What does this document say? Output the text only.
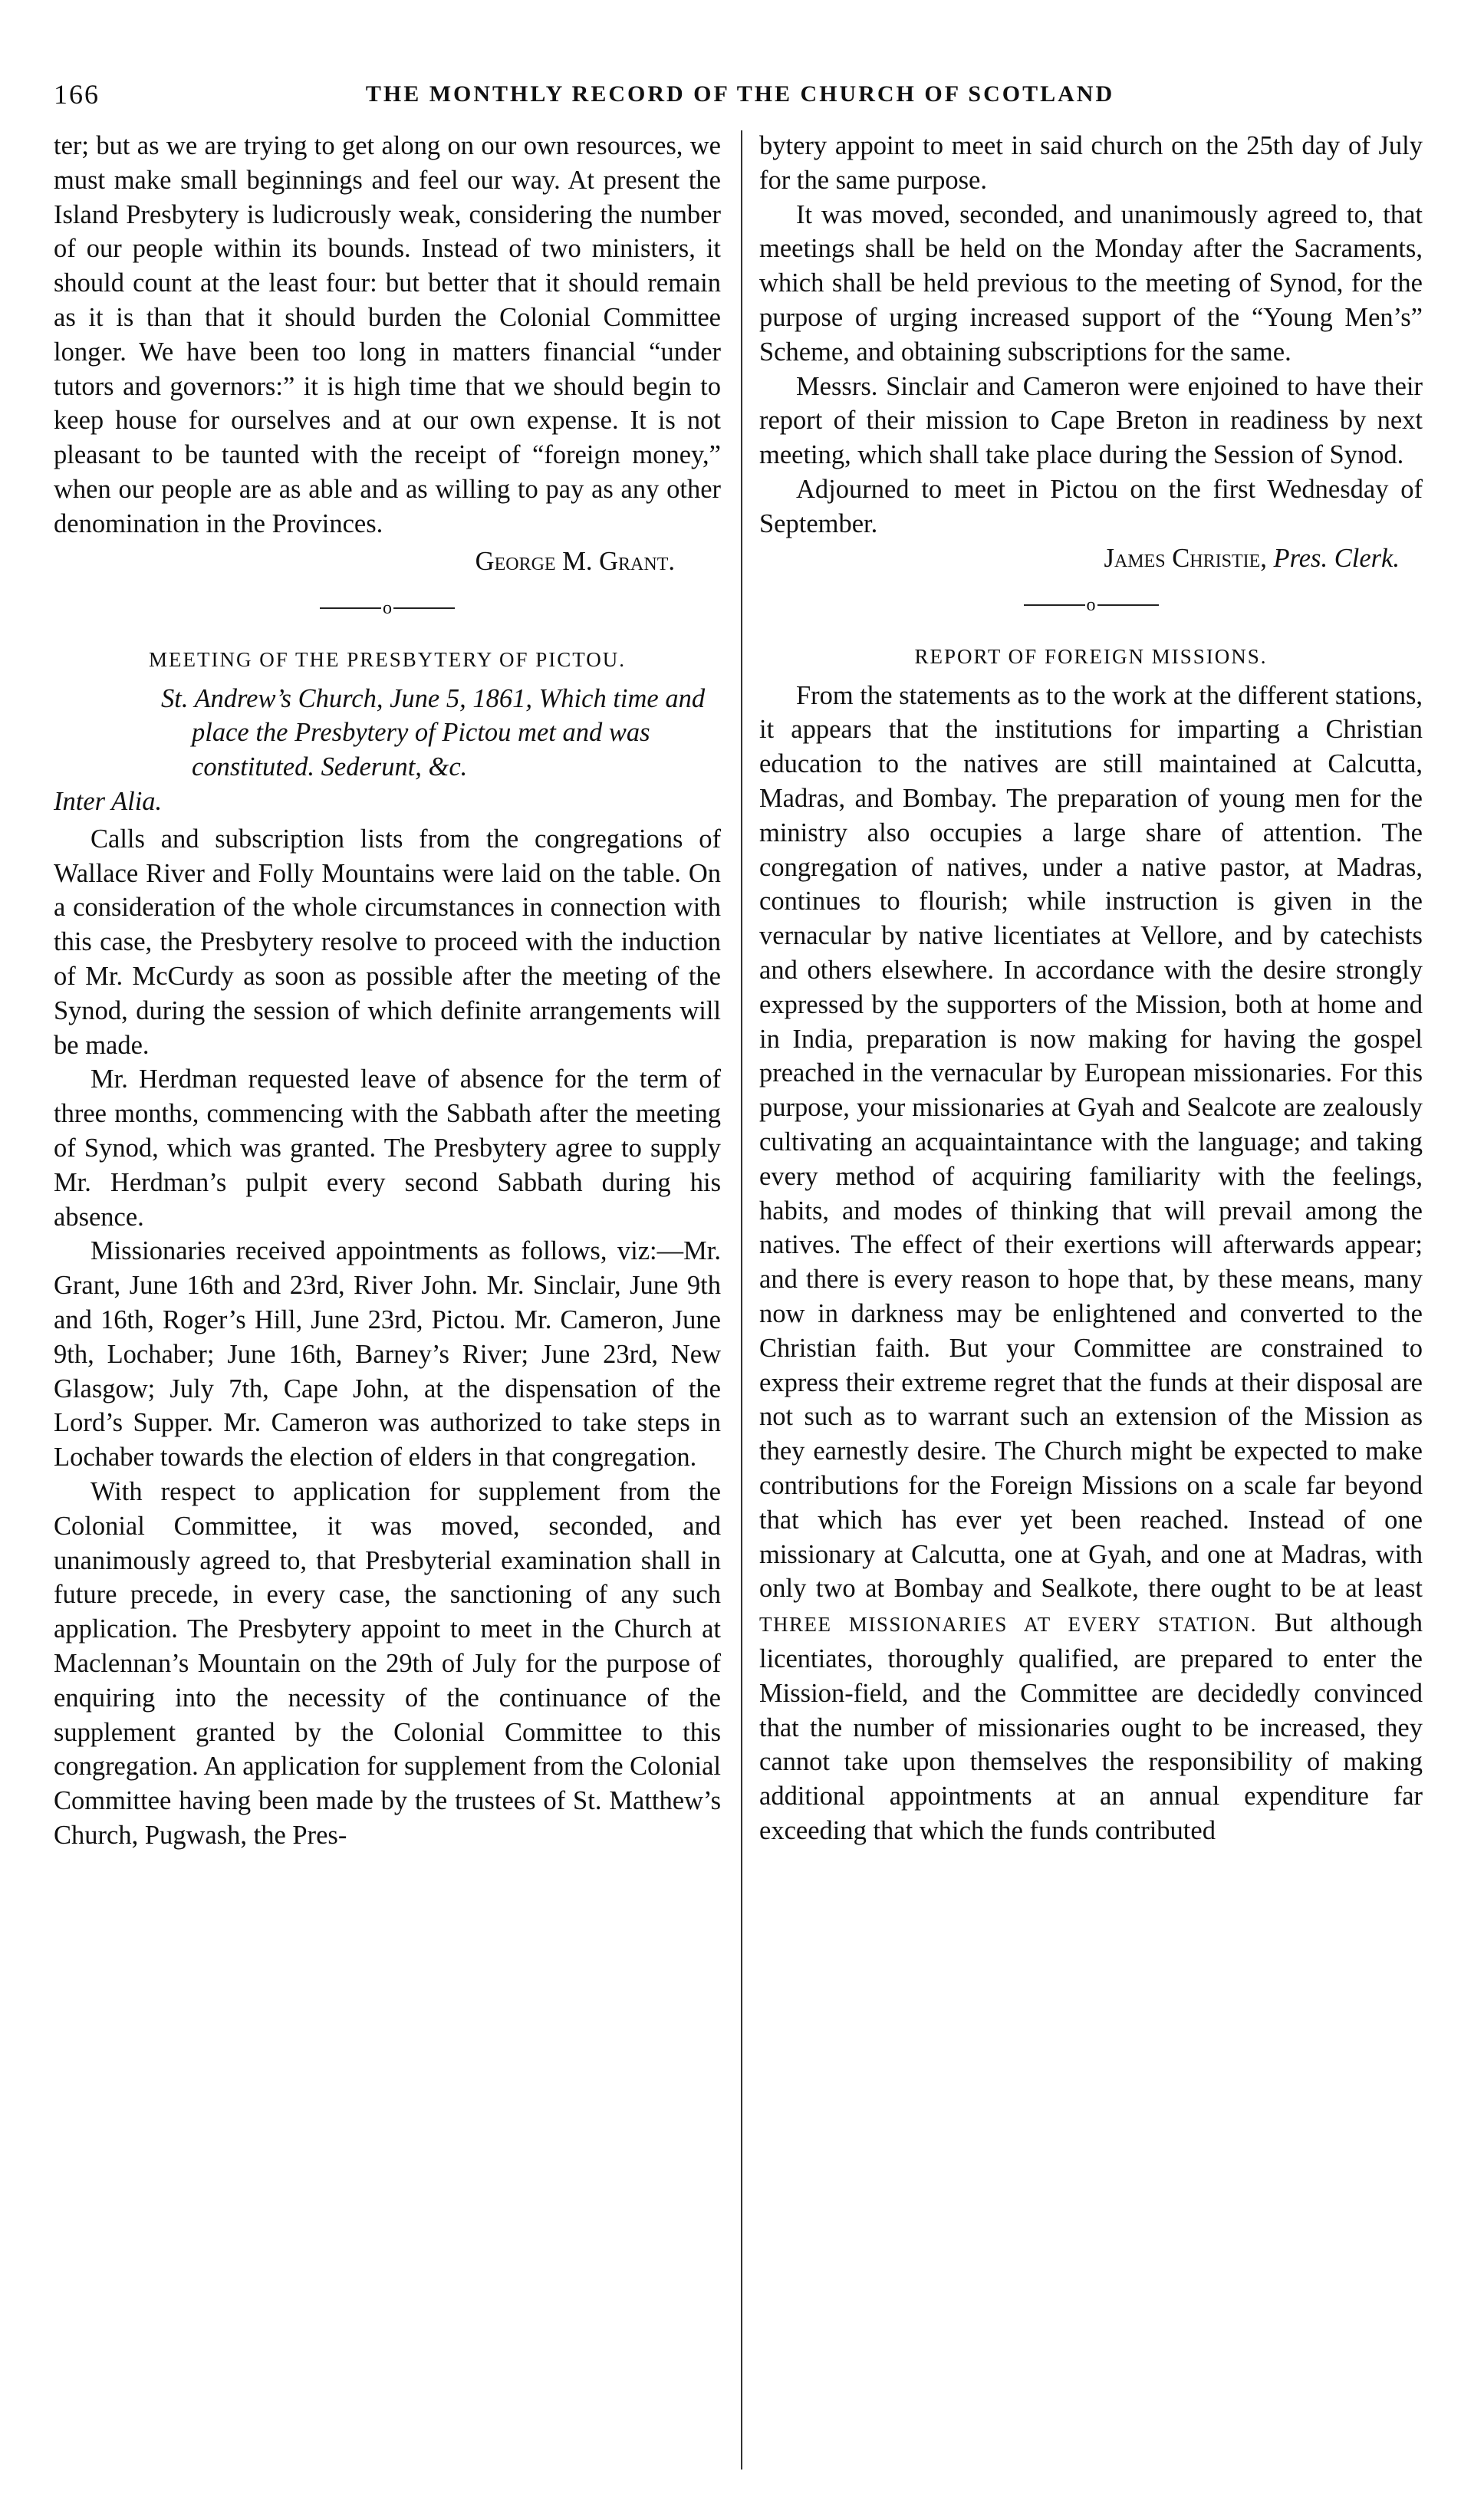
166	THE MONTHLY RECORD OF THE CHURCH OF SCOTLAND

ter; but as we are trying to get along on our own resources, we must make small beginnings and feel our way. At present the Island Presbytery is ludicrously weak, considering the number of our people within its bounds. Instead of two ministers, it should count at the least four: but better that it should remain as it is than that it should burden the Colonial Committee longer. We have been too long in matters financial “under tutors and governors:” it is high time that we should begin to keep house for ourselves and at our own expense. It is not pleasant to be taunted with the receipt of “foreign money,” when our people are as able and as willing to pay as any other denomination in the Provinces.

George M. Grant.
o
MEETING OF THE PRESBYTERY OF PICTOU.

St. Andrew’s Church, June 5, 1861, Which time and place the Presbytery of Pictou met and was constituted. Sederunt, &c.

Inter Alia.

Calls and subscription lists from the congregations of Wallace River and Folly Mountains were laid on the table. On a consideration of the whole circumstances in connection with this case, the Presbytery resolve to proceed with the induction of Mr. McCurdy as soon as possible after the meeting of the Synod, during the session of which definite arrangements will be made.

Mr. Herdman requested leave of absence for the term of three months, commencing with the Sabbath after the meeting of Synod, which was granted. The Presbytery agree to supply Mr. Herdman’s pulpit every second Sabbath during his absence.

Missionaries received appointments as follows, viz:—Mr. Grant, June 16th and 23rd, River John. Mr. Sinclair, June 9th and 16th, Roger’s Hill, June 23rd, Pictou. Mr. Cameron, June 9th, Lochaber; June 16th, Barney’s River; June 23rd, New Glasgow; July 7th, Cape John, at the dispensation of the Lord’s Supper. Mr. Cameron was authorized to take steps in Lochaber towards the election of elders in that congregation.

With respect to application for supplement from the Colonial Committee, it was moved, seconded, and unanimously agreed to, that Presbyterial examination shall in future precede, in every case, the sanctioning of any such application. The Presbytery appoint to meet in the Church at Maclennan’s Mountain on the 29th of July for the purpose of enquiring into the necessity of the continuance of the supplement granted by the Colonial Committee to this congregation. An application for supplement from the Colonial Committee having been made by the trustees of St. Matthew’s Church, Pugwash, the Pres-

bytery appoint to meet in said church on the 25th day of July for the same purpose.

It was moved, seconded, and unanimously agreed to, that meetings shall be held on the Monday after the Sacraments, which shall be held previous to the meeting of Synod, for the purpose of urging increased support of the “Young Men’s” Scheme, and obtaining subscriptions for the same.

Messrs. Sinclair and Cameron were enjoined to have their report of their mission to Cape Breton in readiness by next meeting, which shall take place during the Session of Synod.

Adjourned to meet in Pictou on the first Wednesday of September.

James Christie, Pres. Clerk.
o
REPORT OF FOREIGN MISSIONS.

From the statements as to the work at the different stations, it appears that the institutions for imparting a Christian education to the natives are still maintained at Calcutta, Madras, and Bombay. The preparation of young men for the ministry also occupies a large share of attention. The congregation of natives, under a native pastor, at Madras, continues to flourish; while instruction is given in the vernacular by native licentiates at Vellore, and by catechists and others elsewhere. In accordance with the desire strongly expressed by the supporters of the Mission, both at home and in India, preparation is now making for having the gospel preached in the vernacular by European missionaries. For this purpose, your missionaries at Gyah and Sealcote are zealously cultivating an acquaintaintance with the language; and taking every method of acquiring familiarity with the feelings, habits, and modes of thinking that will prevail among the natives. The effect of their exertions will afterwards appear; and there is every reason to hope that, by these means, many now in darkness may be enlightened and converted to the Christian faith. But your Committee are constrained to express their extreme regret that the funds at their disposal are not such as to warrant such an extension of the Mission as they earnestly desire. The Church might be expected to make contributions for the Foreign Missions on a scale far beyond that which has ever yet been reached. Instead of one missionary at Calcutta, one at Gyah, and one at Madras, with only two at Bombay and Sealkote, there ought to be at least THREE MISSIONARIES AT EVERY STATION. But although licentiates, thoroughly qualified, are prepared to enter the Mission-field, and the Committee are decidedly convinced that the number of missionaries ought to be increased, they cannot take upon themselves the responsibility of making additional appointments at an annual expenditure far exceeding that which the funds contributed
